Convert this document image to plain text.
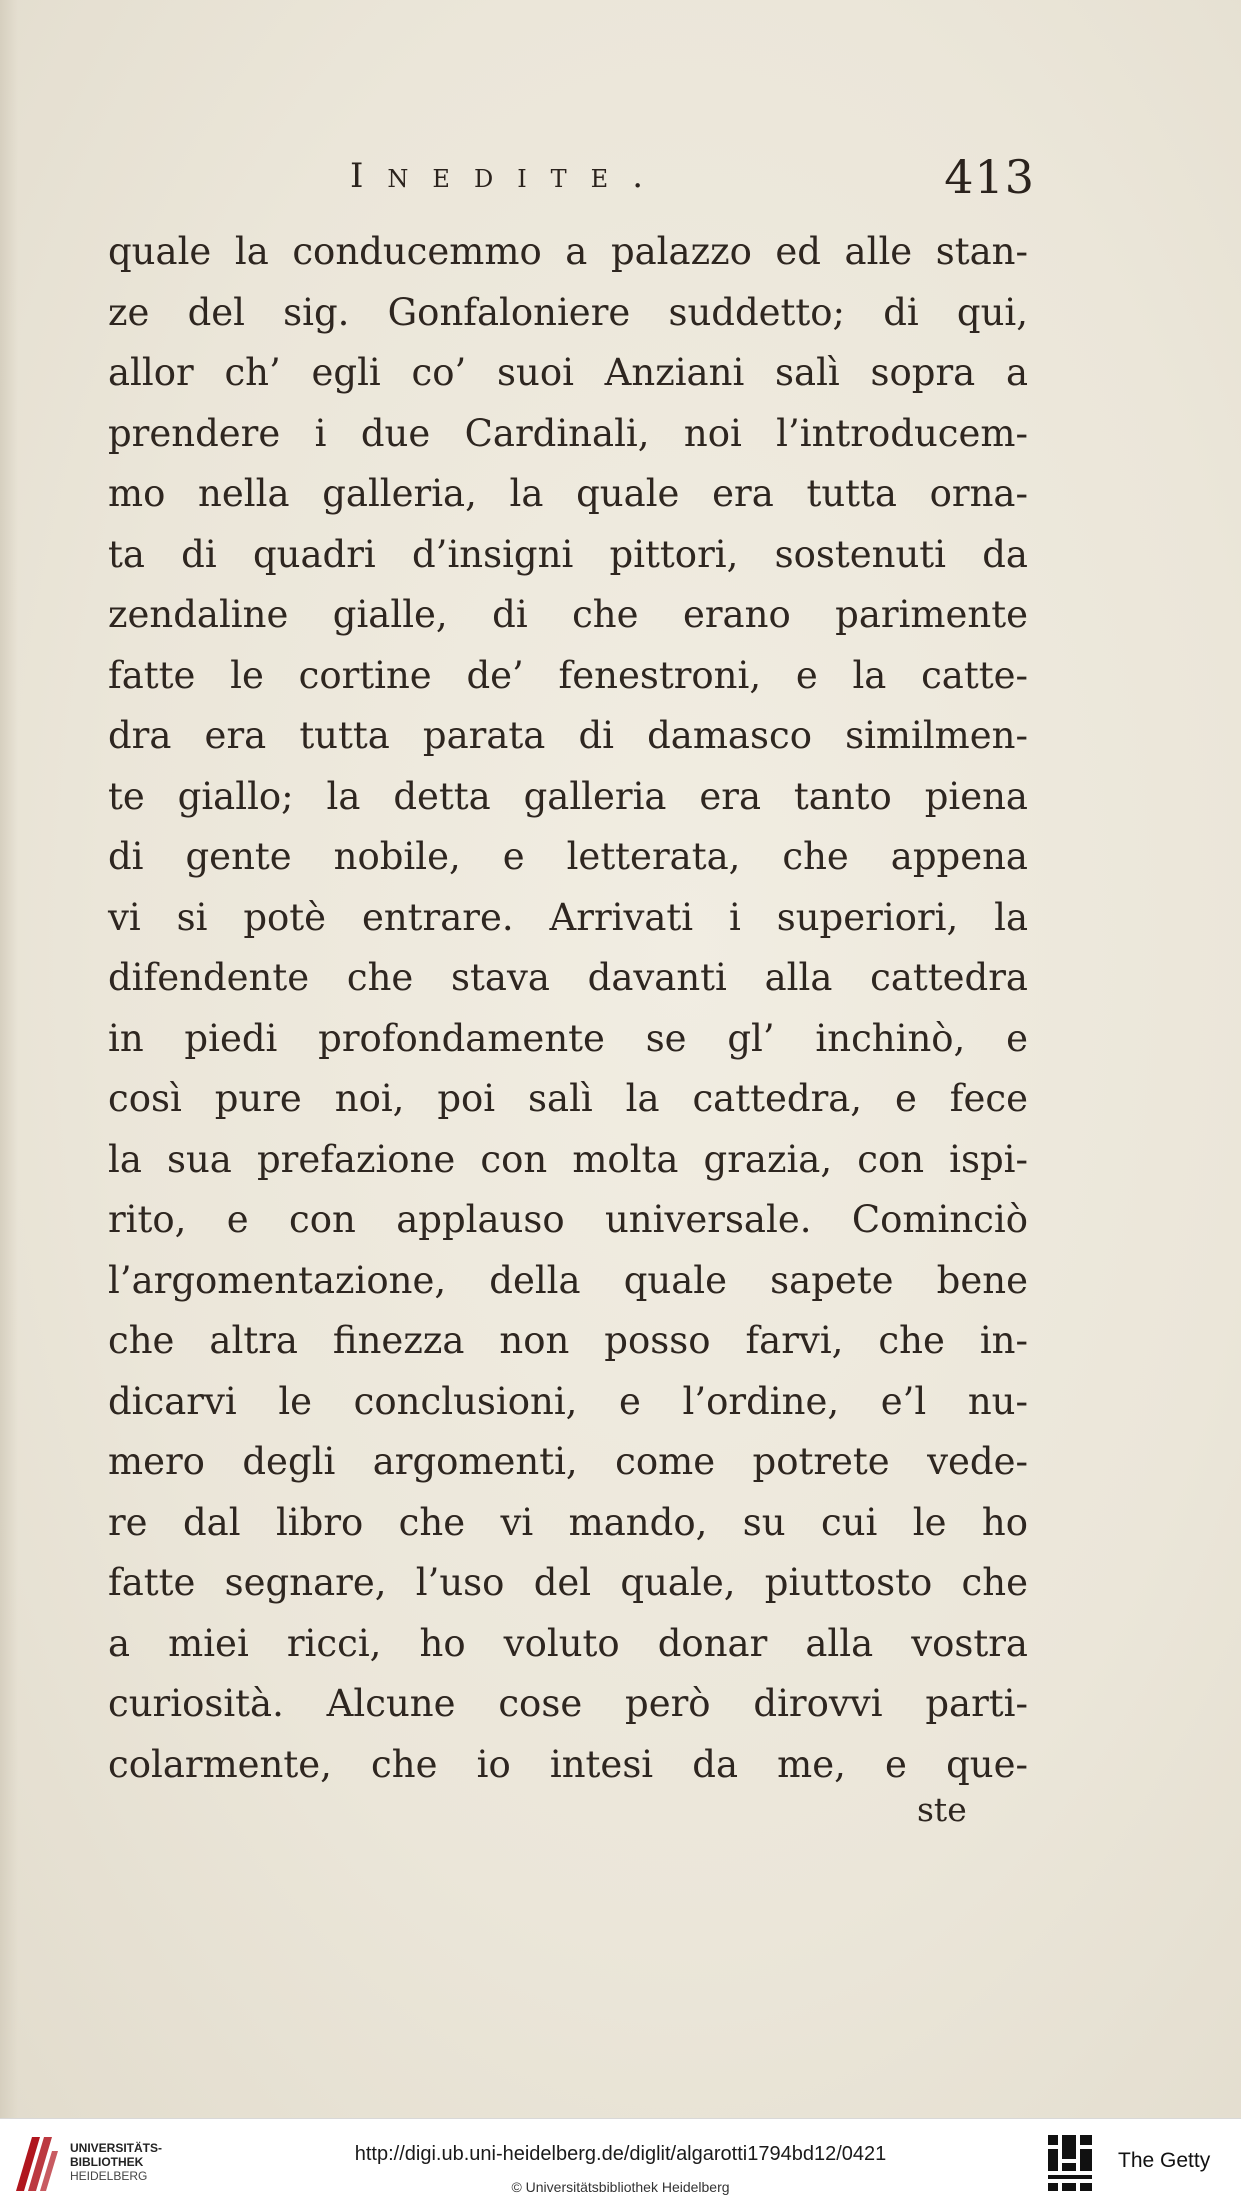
Inedite.	413
quale la conducemmo a palazzo ed alle stan-
ze del sig. Gonfaloniere suddetto; di qui,
allor ch’ egli co’ suoi Anziani salì sopra a
prendere i due Cardinali, noi l’introducem-
mo nella galleria, la quale era tutta orna-
ta di quadri d’insigni pittori, sostenuti da
zendaline gialle, di che erano parimente
fatte le cortine de’ fenestroni, e la catte-
dra era tutta parata di damasco similmen-
te giallo; la detta galleria era tanto piena
di gente nobile, e letterata, che appena
vi si potè entrare. Arrivati i superiori, la
difendente che stava davanti alla cattedra
in piedi profondamente se gl’ inchinò, e
così pure noi, poi salì la cattedra, e fece
la sua prefazione con molta grazia, con ispi-
rito, e con applauso universale. Cominciò
l’argomentazione, della quale sapete bene
che altra finezza non posso farvi, che in-
dicarvi le conclusioni, e l’ordine, e’l nu-
mero degli argomenti, come potrete vede-
re dal libro che vi mando, su cui le ho
fatte segnare, l’uso del quale, piuttosto che
a miei ricci, ho voluto donar alla vostra
curiosità. Alcune cose però dirovvi parti-
colarmente, che io intesi da me, e que-
ste
UNIVERSITÄTS-
BIBLIOTHEK
HEIDELBERG
http://digi.ub.uni-heidelberg.de/diglit/algarotti1794bd12/0421
© Universitätsbibliothek Heidelberg
The Getty
